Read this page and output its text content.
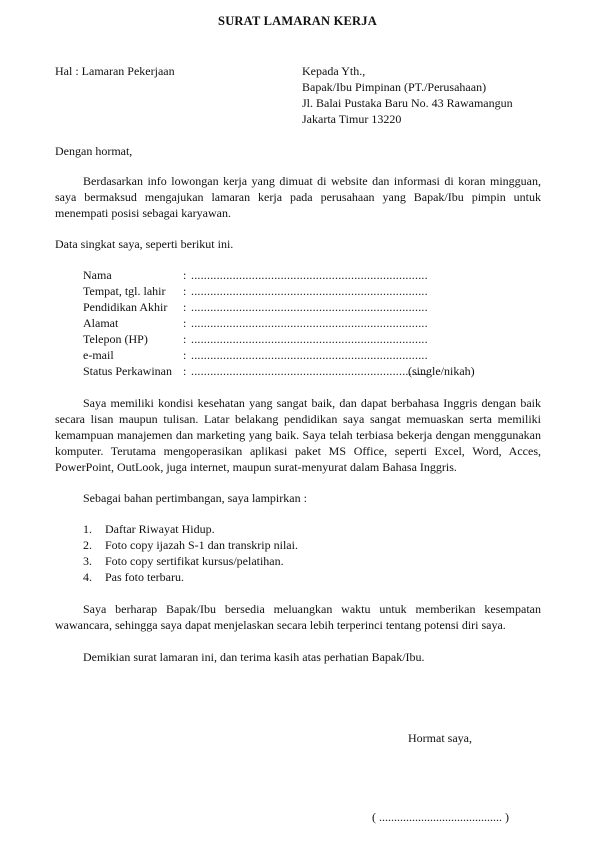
SURAT LAMARAN KERJA
Hal : Lamaran Pekerjaan	Kepada Yth.,
Bapak/Ibu Pimpinan (PT./Perusahaan)
Jl. Balai Pustaka Baru No. 43 Rawamangun
Jakarta Timur 13220
Dengan hormat,
Berdasarkan info lowongan kerja yang dimuat di website dan informasi di koran mingguan,
saya bermaksud mengajukan lamaran kerja pada perusahaan yang Bapak/Ibu pimpin untuk
menempati posisi sebagai karyawan.
Data singkat saya, seperti berikut ini.
Nama	: ..........................................................................
Tempat, tgl. lahir : ..........................................................................
Pendidikan Akhir : ..........................................................................
Alamat	: ..........................................................................
Telepon (HP)	: ..........................................................................
e-mail	: ..........................................................................
Status Perkawinan : ..........................................................................
(single/nikah)
Saya memiliki kondisi kesehatan yang sangat baik, dan dapat berbahasa Inggris dengan baik
secara lisan maupun tulisan. Latar belakang pendidikan saya sangat memuaskan serta memiliki
kemampuan manajemen dan marketing yang baik. Saya telah terbiasa bekerja dengan menggunakan
komputer. Terutama mengoperasikan aplikasi paket MS Office, seperti Excel, Word, Acces,
PowerPoint, OutLook, juga internet, maupun surat-menyurat dalam Bahasa Inggris.
Sebagai bahan pertimbangan, saya lampirkan :
1. Daftar Riwayat Hidup.
2. Foto copy ijazah S-1 dan transkrip nilai.
3. Foto copy sertifikat kursus/pelatihan.
4. Pas foto terbaru.
Saya berharap Bapak/Ibu bersedia meluangkan waktu untuk memberikan kesempatan
wawancara, sehingga saya dapat menjelaskan secara lebih terperinci tentang potensi diri saya.
Demikian surat lamaran ini, dan terima kasih atas perhatian Bapak/Ibu.
Hormat saya,
( ......................................... )
